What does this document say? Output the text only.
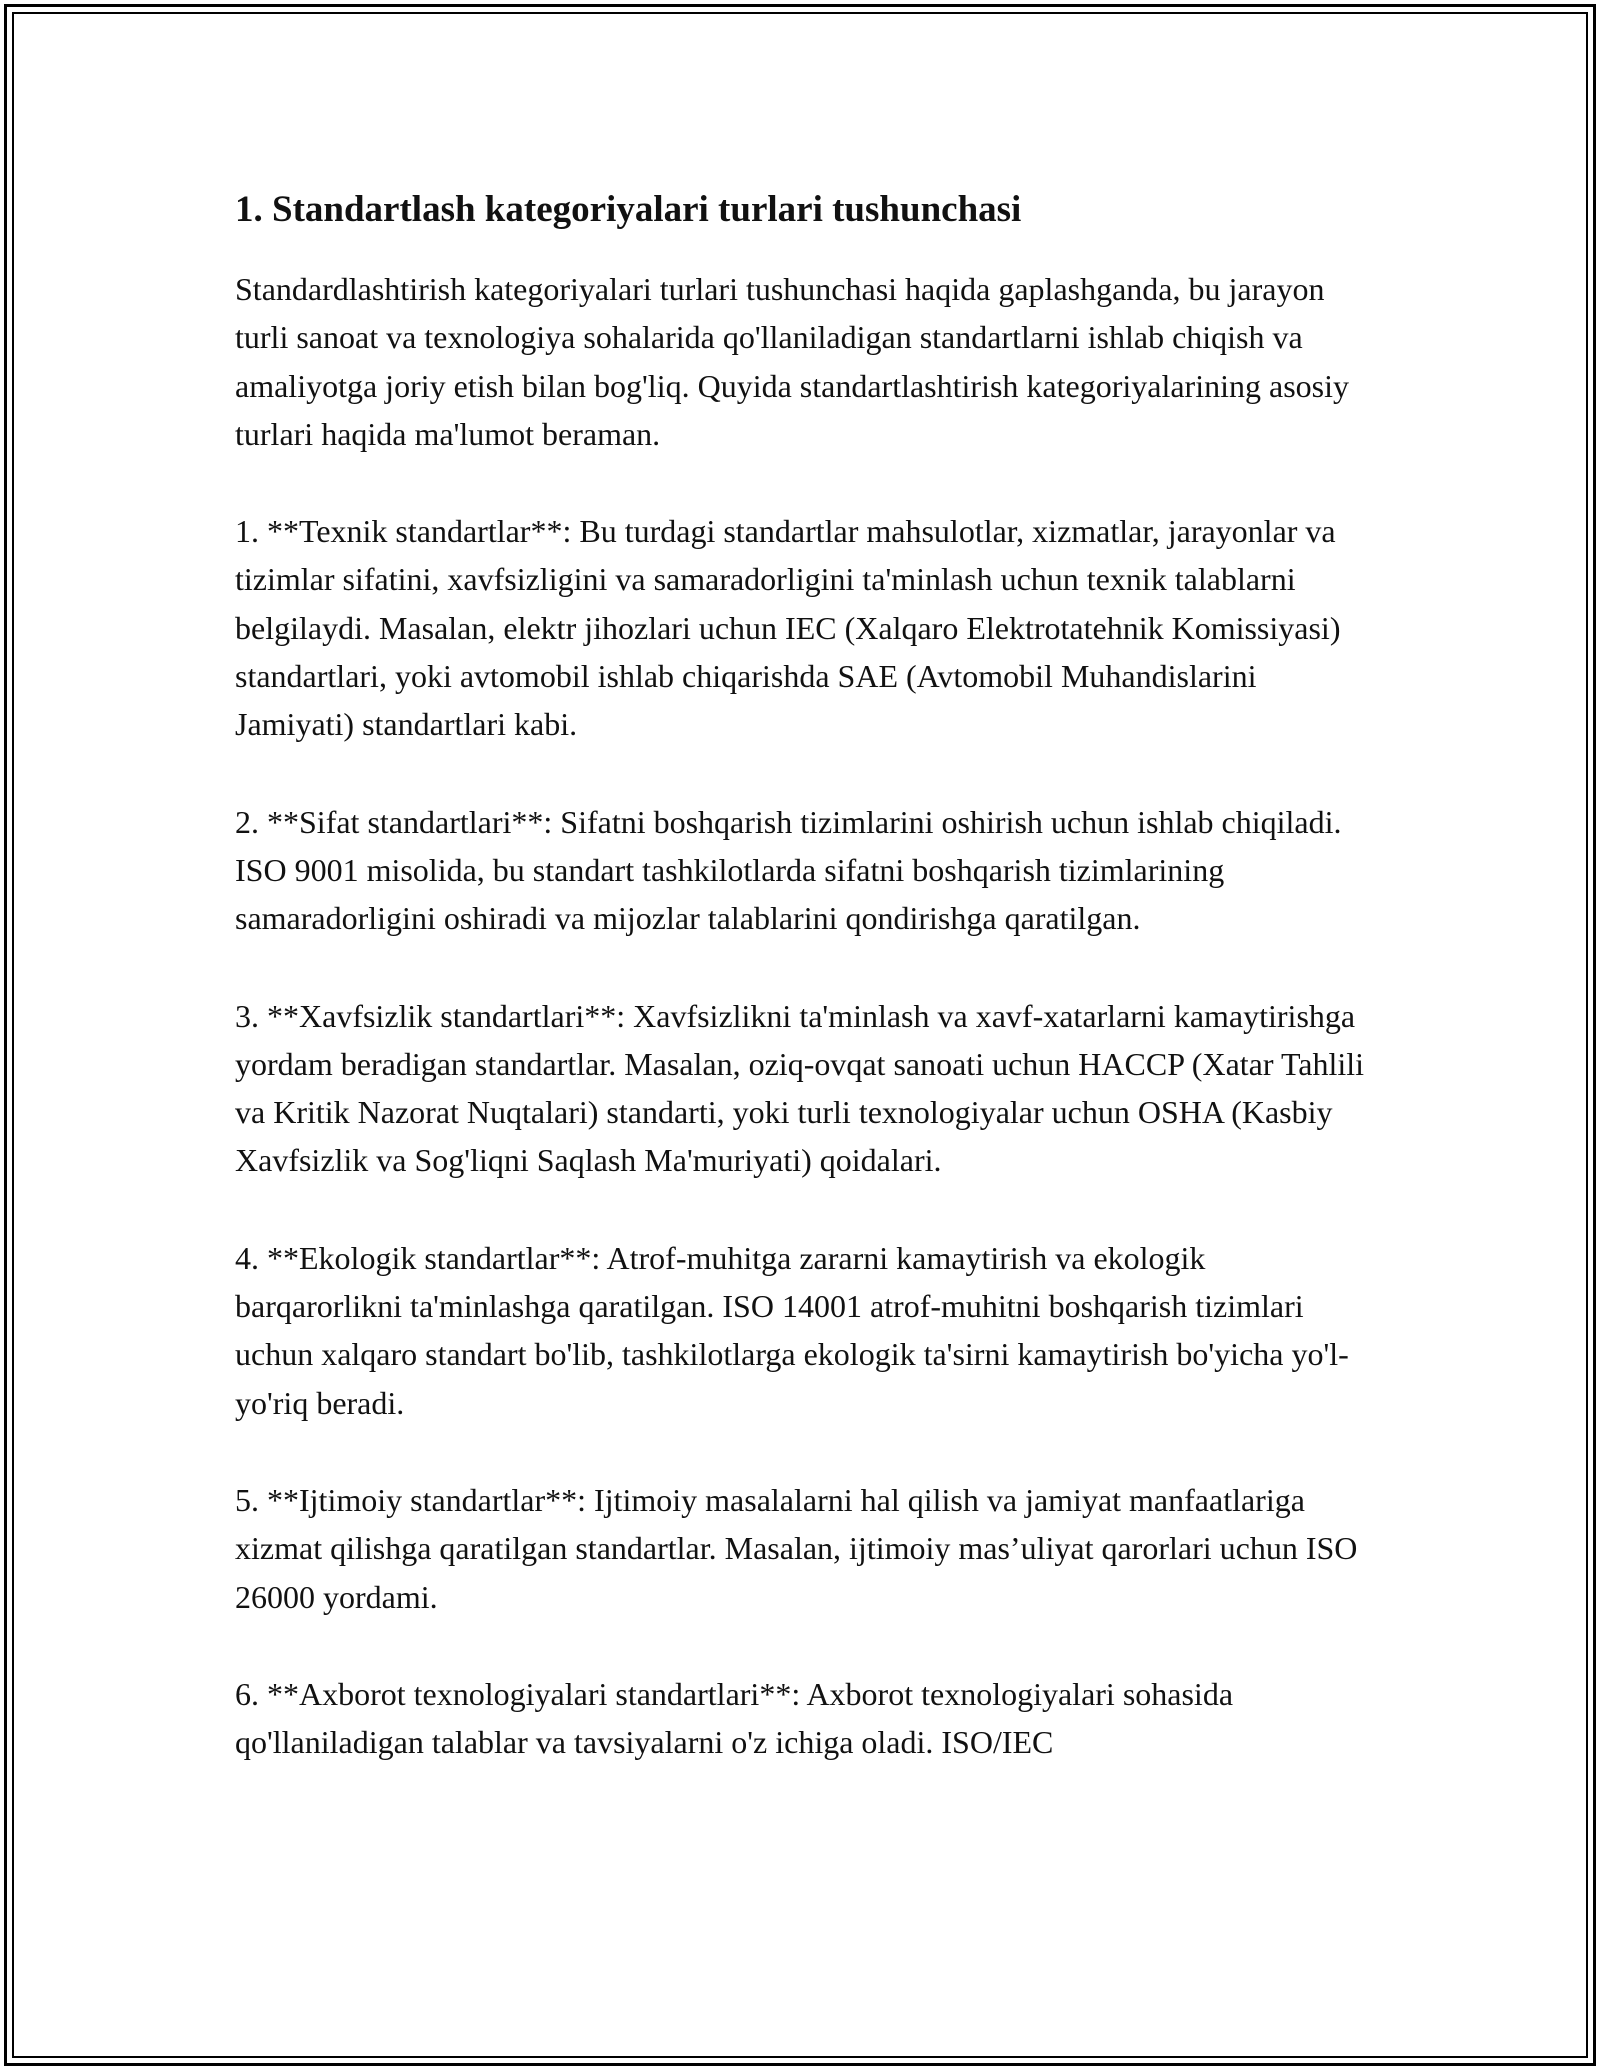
1. Standartlash kategoriyalari turlari tushunchasi

Standardlashtirish kategoriyalari turlari tushunchasi haqida gaplashganda, bu jarayon turli sanoat va texnologiya sohalarida qo'llaniladigan standartlarni ishlab chiqish va amaliyotga joriy etish bilan bog'liq. Quyida standartlashtirish kategoriyalarining asosiy turlari haqida ma'lumot beraman.

1. **Texnik standartlar**: Bu turdagi standartlar mahsulotlar, xizmatlar, jarayonlar va tizimlar sifatini, xavfsizligini va samaradorligini ta'minlash uchun texnik talablarni belgilaydi. Masalan, elektr jihozlari uchun IEC (Xalqaro Elektrotatehnik Komissiyasi) standartlari, yoki avtomobil ishlab chiqarishda SAE (Avtomobil Muhandislarini Jamiyati) standartlari kabi.

2. **Sifat standartlari**: Sifatni boshqarish tizimlarini oshirish uchun ishlab chiqiladi. ISO 9001 misolida, bu standart tashkilotlarda sifatni boshqarish tizimlarining samaradorligini oshiradi va mijozlar talablarini qondirishga qaratilgan.

3. **Xavfsizlik standartlari**: Xavfsizlikni ta'minlash va xavf-xatarlarni kamaytirishga yordam beradigan standartlar. Masalan, oziq-ovqat sanoati uchun HACCP (Xatar Tahlili va Kritik Nazorat Nuqtalari) standarti, yoki turli texnologiyalar uchun OSHA (Kasbiy Xavfsizlik va Sog'liqni Saqlash Ma'muriyati) qoidalari.

4. **Ekologik standartlar**: Atrof-muhitga zararni kamaytirish va ekologik barqarorlikni ta'minlashga qaratilgan. ISO 14001 atrof-muhitni boshqarish tizimlari uchun xalqaro standart bo'lib, tashkilotlarga ekologik ta'sirni kamaytirish bo'yicha yo'l-yo'riq beradi.

5. **Ijtimoiy standartlar**: Ijtimoiy masalalarni hal qilish va jamiyat manfaatlariga xizmat qilishga qaratilgan standartlar. Masalan, ijtimoiy mas’uliyat qarorlari uchun ISO 26000 yordami.

6. **Axborot texnologiyalari standartlari**: Axborot texnologiyalari sohasida qo'llaniladigan talablar va tavsiyalarni o'z ichiga oladi. ISO/IEC
